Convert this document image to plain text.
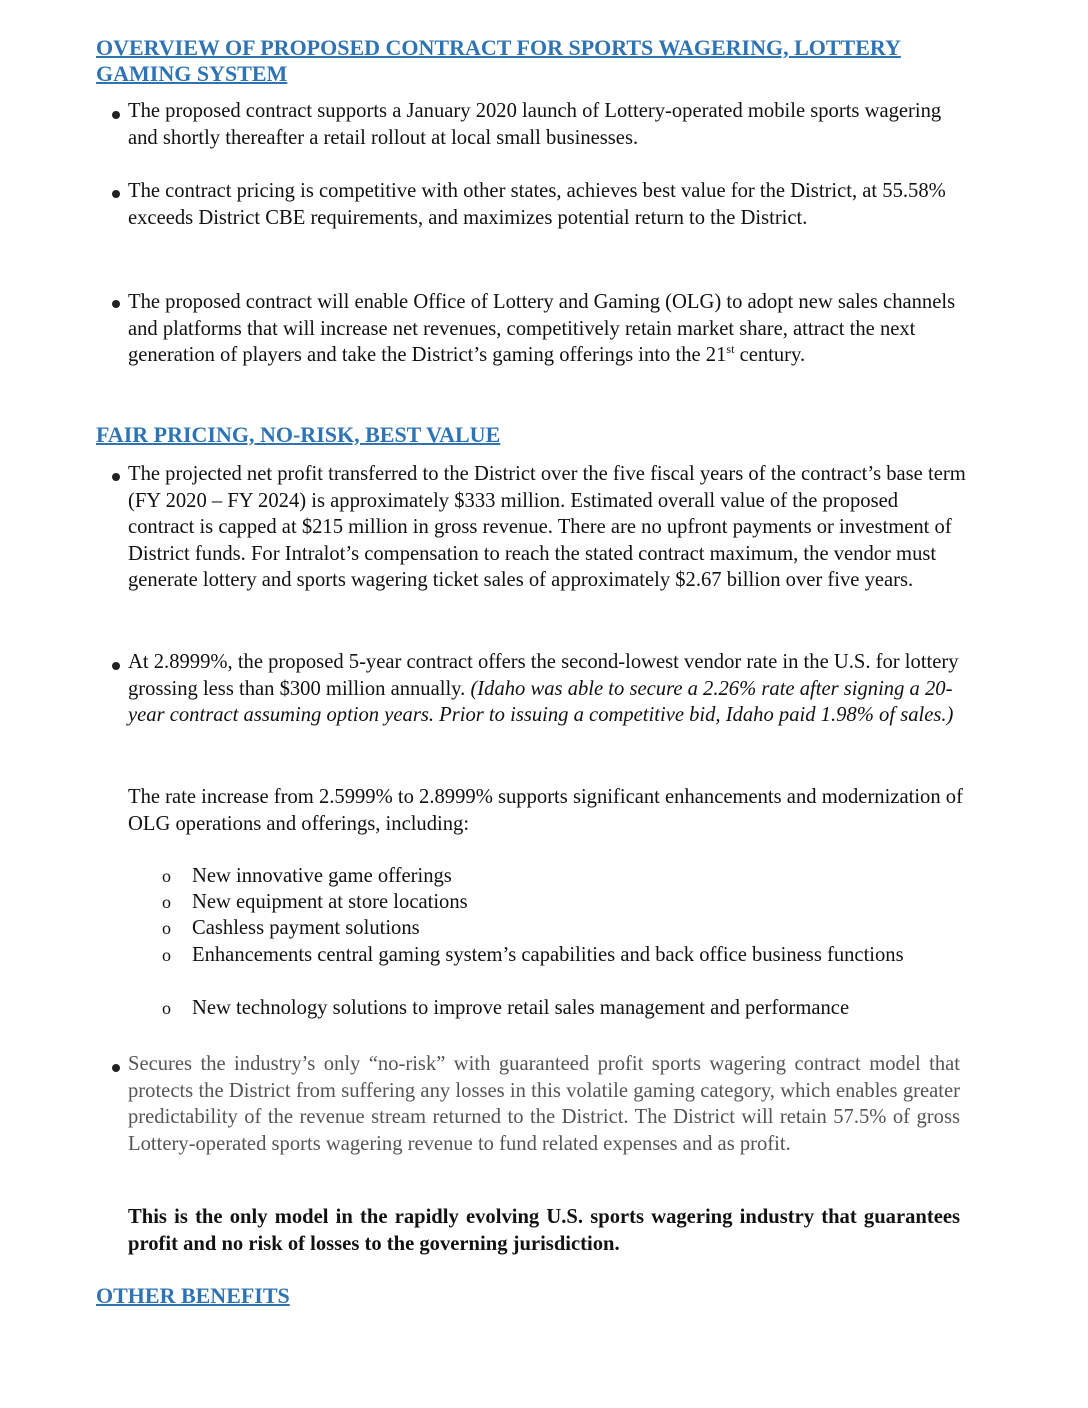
OVERVIEW OF PROPOSED CONTRACT FOR SPORTS WAGERING, LOTTERY
GAMING SYSTEM

The proposed contract supports a January 2020 launch of Lottery-operated mobile sports wagering and shortly thereafter a retail rollout at local small businesses.

The contract pricing is competitive with other states, achieves best value for the District, at 55.58% exceeds District CBE requirements, and maximizes potential return to the District.

The proposed contract will enable Office of Lottery and Gaming (OLG) to adopt new sales channels and platforms that will increase net revenues, competitively retain market share, attract the next generation of players and take the District’s gaming offerings into the 21st century.

FAIR PRICING, NO-RISK, BEST VALUE

The projected net profit transferred to the District over the five fiscal years of the contract’s base term (FY 2020 – FY 2024) is approximately $333 million. Estimated overall value of the proposed contract is capped at $215 million in gross revenue. There are no upfront payments or investment of District funds. For Intralot’s compensation to reach the stated contract maximum, the vendor must generate lottery and sports wagering ticket sales of approximately $2.67 billion over five years.

At 2.8999%, the proposed 5-year contract offers the second-lowest vendor rate in the U.S. for lottery grossing less than $300 million annually. (Idaho was able to secure a 2.26% rate after signing a 20-year contract assuming option years. Prior to issuing a competitive bid, Idaho paid 1.98% of sales.)

The rate increase from 2.5999% to 2.8999% supports significant enhancements and modernization of OLG operations and offerings, including:

o New innovative game offerings
o New equipment at store locations
o Cashless payment solutions
o Enhancements central gaming system’s capabilities and back office business functions
o New technology solutions to improve retail sales management and performance

Secures the industry’s only “no-risk” with guaranteed profit sports wagering contract model that protects the District from suffering any losses in this volatile gaming category, which enables greater predictability of the revenue stream returned to the District. The District will retain 57.5% of gross Lottery-operated sports wagering revenue to fund related expenses and as profit.

This is the only model in the rapidly evolving U.S. sports wagering industry that guarantees profit and no risk of losses to the governing jurisdiction.

OTHER BENEFITS
